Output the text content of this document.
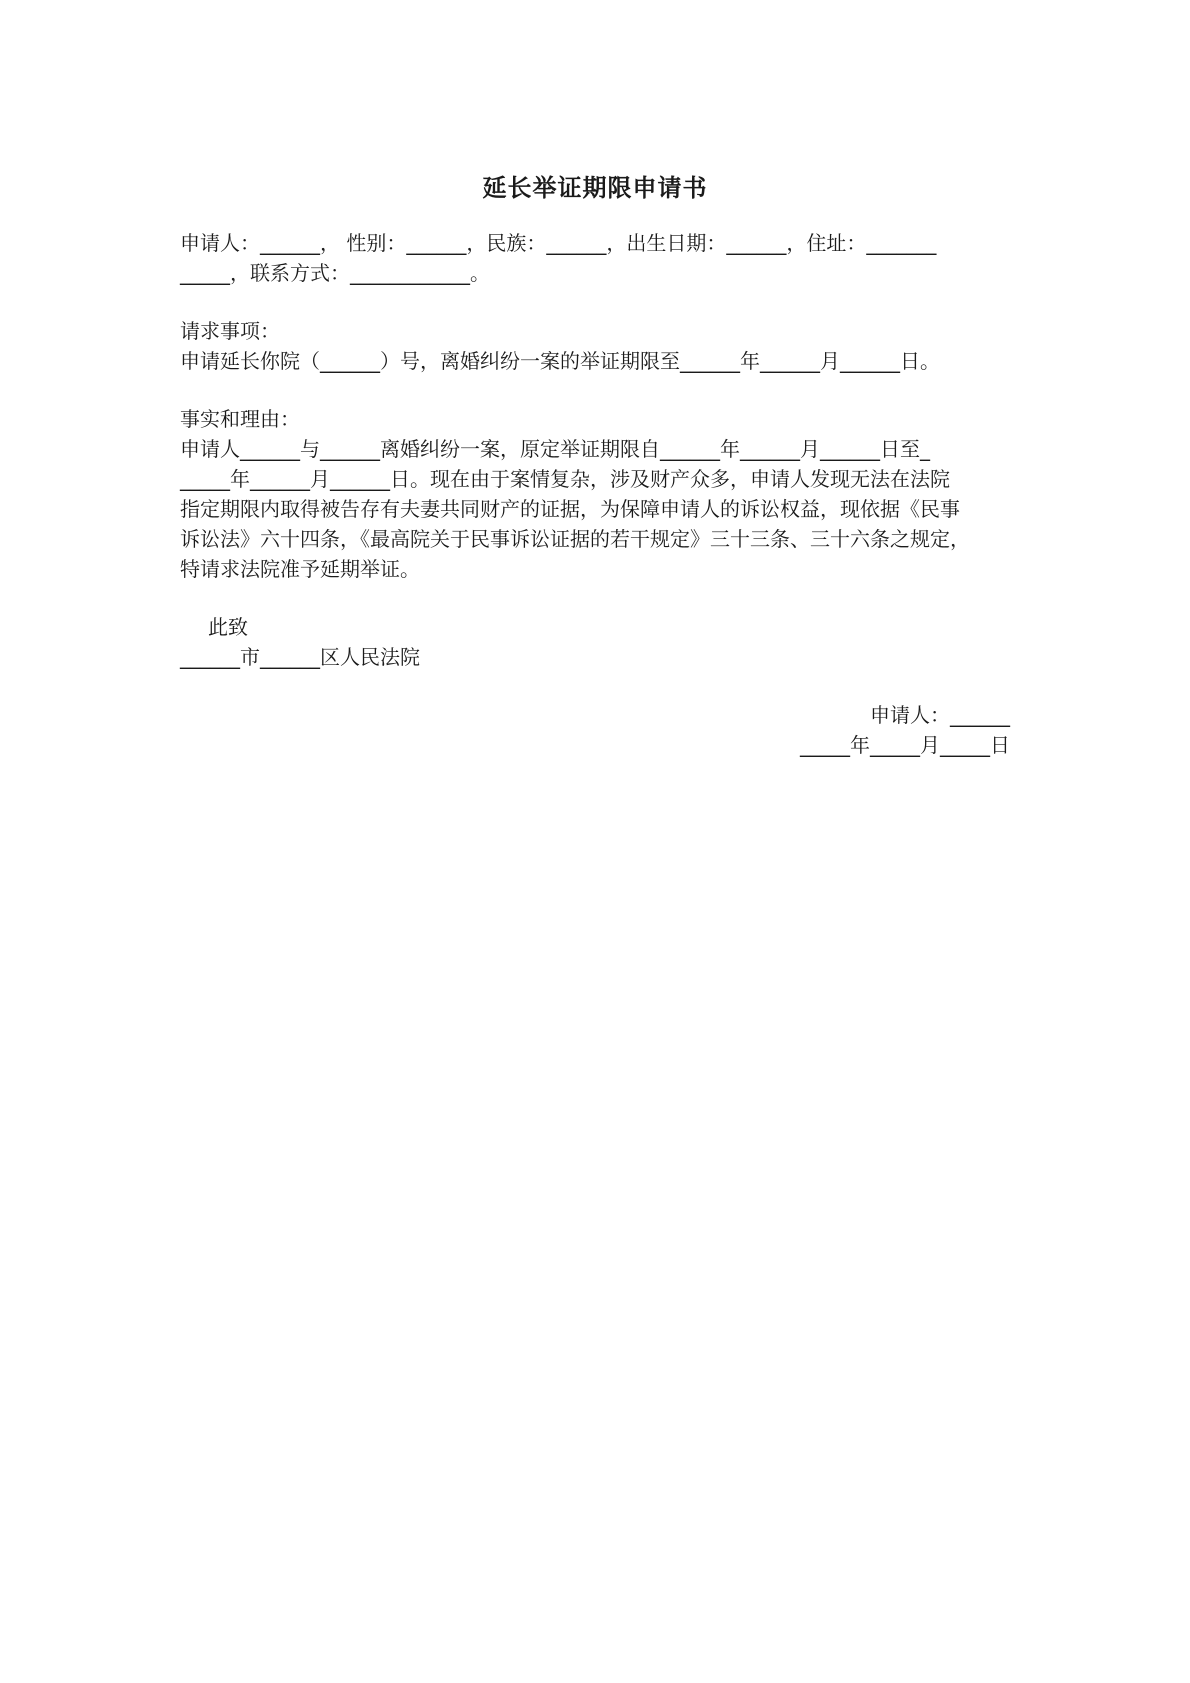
延长举证期限申请书
申请人：______， 性别：______，民族：______，出生日期：______，住址：_______
_____，联系方式：____________。
请求事项：
申请延长你院（______）号，离婚纠纷一案的举证期限至______年______月______日。
事实和理由：
申请人______与______离婚纠纷一案，原定举证期限自______年______月______日至_
_____年______月______日。现在由于案情复杂，涉及财产众多，申请人发现无法在法院
指定期限内取得被告存有夫妻共同财产的证据，为保障申请人的诉讼权益，现依据《民事
诉讼法》六十四条，《最高院关于民事诉讼证据的若干规定》三十三条、三十六条之规定，
特请求法院准予延期举证。
此致
______市______区人民法院
申请人：______
_____年_____月_____日
